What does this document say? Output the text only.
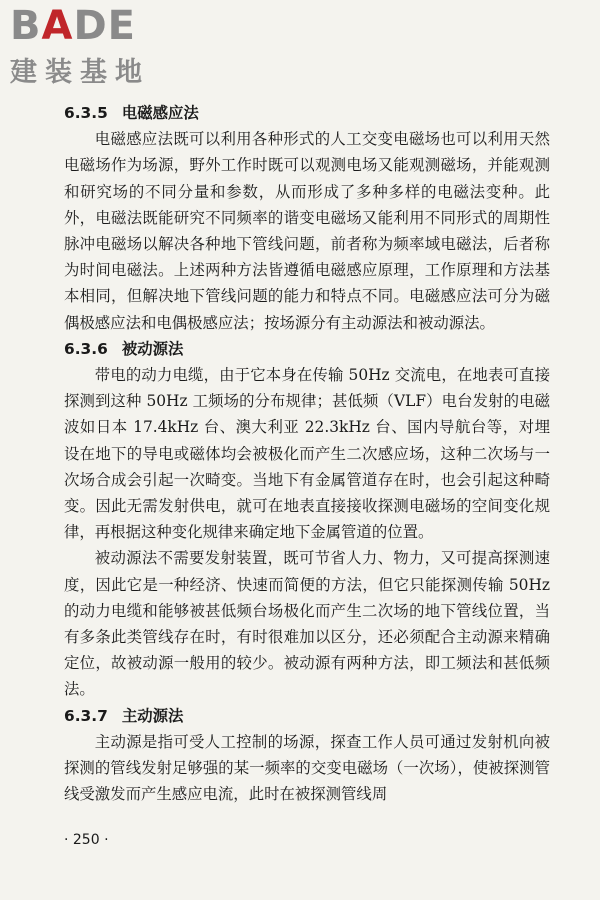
BADE
建装基地
6.3.5 电磁感应法

电磁感应法既可以利用各种形式的人工交变电磁场也可以利用天然电磁场作为场源，野外工作时既可以观测电场又能观测磁场，并能观测和研究场的不同分量和参数，从而形成了多种多样的电磁法变种。此外，电磁法既能研究不同频率的谐变电磁场又能利用不同形式的周期性脉冲电磁场以解决各种地下管线问题，前者称为频率域电磁法，后者称为时间电磁法。上述两种方法皆遵循电磁感应原理，工作原理和方法基本相同，但解决地下管线问题的能力和特点不同。电磁感应法可分为磁偶极感应法和电偶极感应法；按场源分有主动源法和被动源法。

6.3.6 被动源法

带电的动力电缆，由于它本身在传输 50Hz 交流电，在地表可直接探测到这种 50Hz 工频场的分布规律；甚低频（VLF）电台发射的电磁波如日本 17.4kHz 台、澳大利亚 22.3kHz 台、国内导航台等，对埋设在地下的导电或磁体均会被极化而产生二次感应场，这种二次场与一次场合成会引起一次畸变。当地下有金属管道存在时，也会引起这种畸变。因此无需发射供电，就可在地表直接接收探测电磁场的空间变化规律，再根据这种变化规律来确定地下金属管道的位置。

被动源法不需要发射装置，既可节省人力、物力，又可提高探测速度，因此它是一种经济、快速而简便的方法，但它只能探测传输 50Hz 的动力电缆和能够被甚低频台场极化而产生二次场的地下管线位置，当有多条此类管线存在时，有时很难加以区分，还必须配合主动源来精确定位，故被动源一般用的较少。被动源有两种方法，即工频法和甚低频法。

6.3.7 主动源法

主动源是指可受人工控制的场源，探查工作人员可通过发射机向被探测的管线发射足够强的某一频率的交变电磁场（一次场），使被探测管线受激发而产生感应电流，此时在被探测管线周

· 250 ·
